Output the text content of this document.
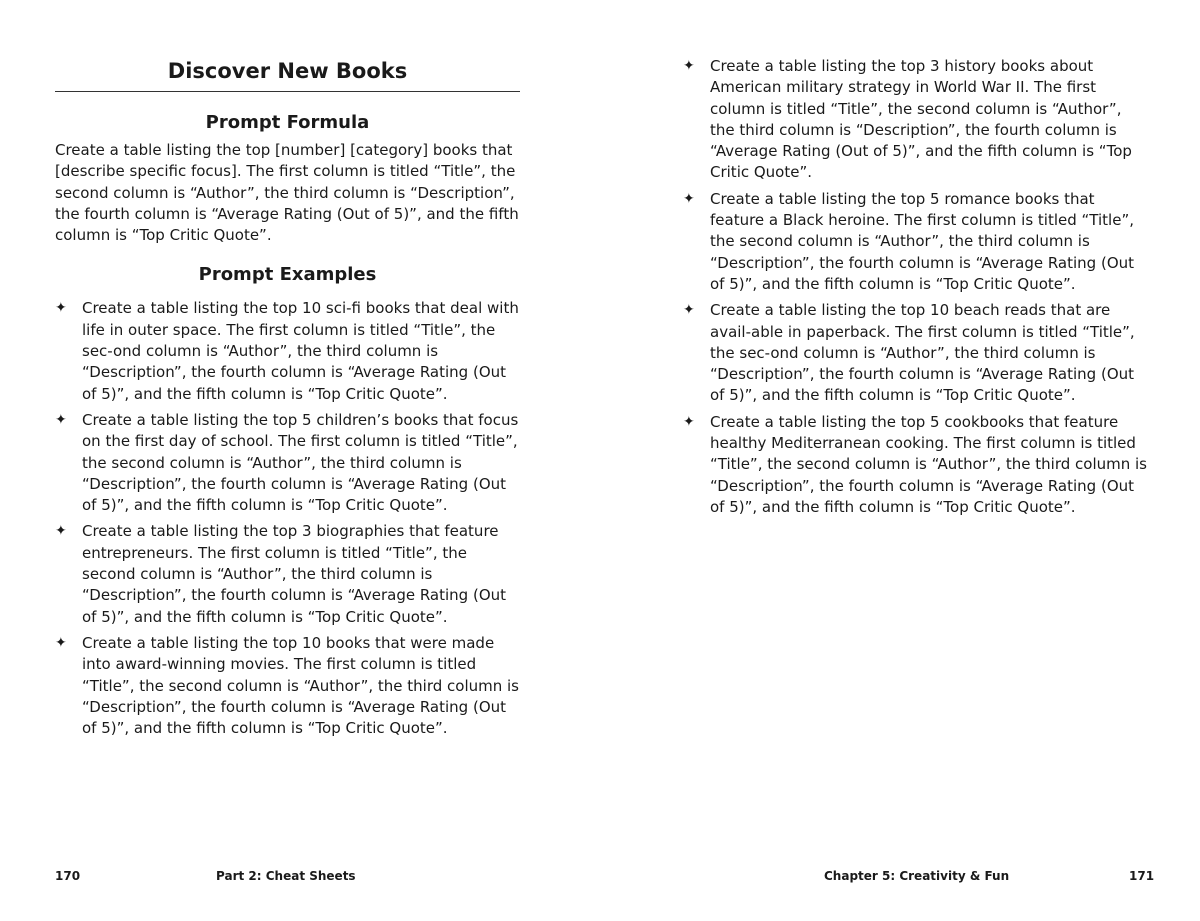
Discover New Books
Prompt Formula

Create a table listing the top [number] [category] books that [describe specific focus]. The first column is titled “Title”, the second column is “Author”, the third column is “Description”, the fourth column is “Average Rating (Out of 5)”, and the fifth column is “Top Critic Quote”.

Prompt Examples
✦ Create a table listing the top 10 sci-fi books that deal with life in outer space. The first column is titled “Title”, the sec-ond column is “Author”, the third column is “Description”, the fourth column is “Average Rating (Out of 5)”, and the fifth column is “Top Critic Quote”.
✦ Create a table listing the top 5 children’s books that focus on the first day of school. The first column is titled “Title”, the second column is “Author”, the third column is “Description”, the fourth column is “Average Rating (Out of 5)”, and the fifth column is “Top Critic Quote”.
✦ Create a table listing the top 3 biographies that feature entrepreneurs. The first column is titled “Title”, the second column is “Author”, the third column is “Description”, the fourth column is “Average Rating (Out of 5)”, and the fifth column is “Top Critic Quote”.
✦ Create a table listing the top 10 books that were made into award-winning movies. The first column is titled “Title”, the second column is “Author”, the third column is “Description”, the fourth column is “Average Rating (Out of 5)”, and the fifth column is “Top Critic Quote”.
✦ Create a table listing the top 3 history books about American military strategy in World War II. The first column is titled “Title”, the second column is “Author”, the third column is “Description”, the fourth column is “Average Rating (Out of 5)”, and the fifth column is “Top Critic Quote”.
✦ Create a table listing the top 5 romance books that feature a Black heroine. The first column is titled “Title”, the second column is “Author”, the third column is “Description”, the fourth column is “Average Rating (Out of 5)”, and the fifth column is “Top Critic Quote”.
✦ Create a table listing the top 10 beach reads that are avail-able in paperback. The first column is titled “Title”, the sec-ond column is “Author”, the third column is “Description”, the fourth column is “Average Rating (Out of 5)”, and the fifth column is “Top Critic Quote”.
✦ Create a table listing the top 5 cookbooks that feature healthy Mediterranean cooking. The first column is titled “Title”, the second column is “Author”, the third column is “Description”, the fourth column is “Average Rating (Out of 5)”, and the fifth column is “Top Critic Quote”.
170	Part 2: Cheat Sheets	Chapter 5: Creativity & Fun	171
